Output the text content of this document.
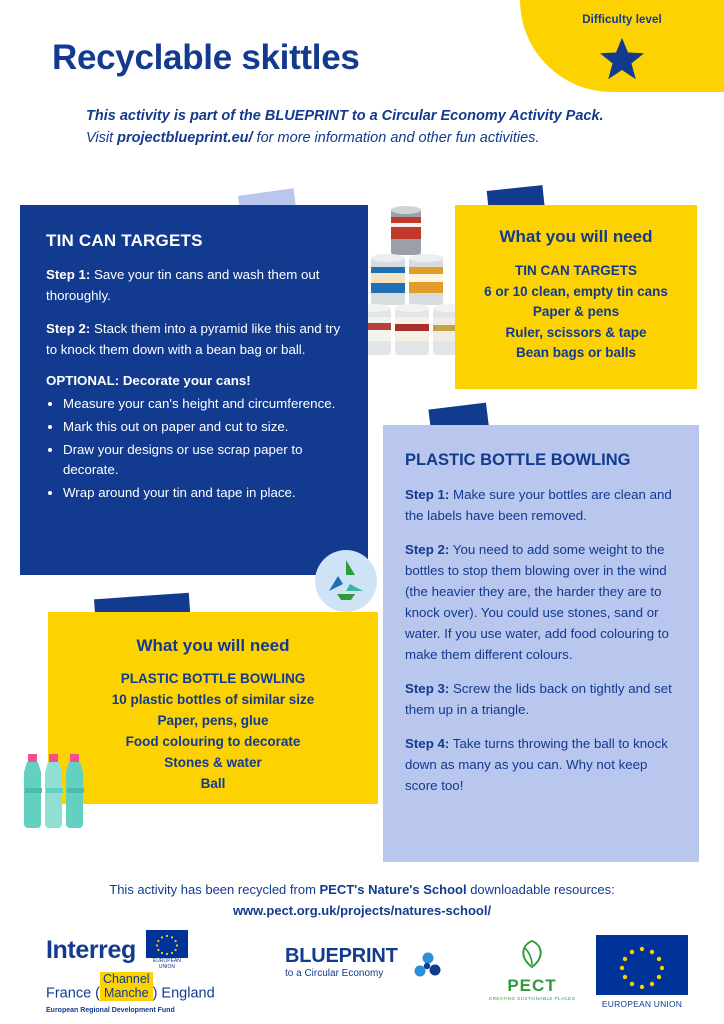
Difficulty level
Recyclable skittles
This activity is part of the BLUEPRINT to a Circular Economy Activity Pack.
Visit projectblueprint.eu/ for more information and other fun activities.
TIN CAN TARGETS

Step 1: Save your tin cans and wash them out thoroughly.

Step 2: Stack them into a pyramid like this and try to knock them down with a bean bag or ball.

OPTIONAL: Decorate your cans!
• Measure your can's height and circumference.
• Mark this out on paper and cut to size.
• Draw your designs or use scrap paper to decorate.
• Wrap around your tin and tape in place.
What you will need
TIN CAN TARGETS
6 or 10 clean, empty tin cans
Paper & pens
Ruler, scissors & tape
Bean bags or balls
PLASTIC BOTTLE BOWLING

Step 1: Make sure your bottles are clean and the labels have been removed.

Step 2: You need to add some weight to the bottles to stop them blowing over in the wind (the heavier they are, the harder they are to knock over). You could use stones, sand or water. If you use water, add food colouring to make them different colours.

Step 3: Screw the lids back on tightly and set them up in a triangle.

Step 4: Take turns throwing the ball to knock down as many as you can. Why not keep score too!

What you will need
PLASTIC BOTTLE BOWLING
10 plastic bottles of similar size
Paper, pens, glue
Food colouring to decorate
Stones & water
Ball
This activity has been recycled from PECT's Nature's School downloadable resources:
www.pect.org.uk/projects/natures-school/
Interreg	EUROPEAN UNION
France (Channel
Manche ) England
European Regional Development Fund
BLUEPRINT
to a Circular Economy
PECT
CREATING SUSTAINABLE PLACES
EUROPEAN UNION
